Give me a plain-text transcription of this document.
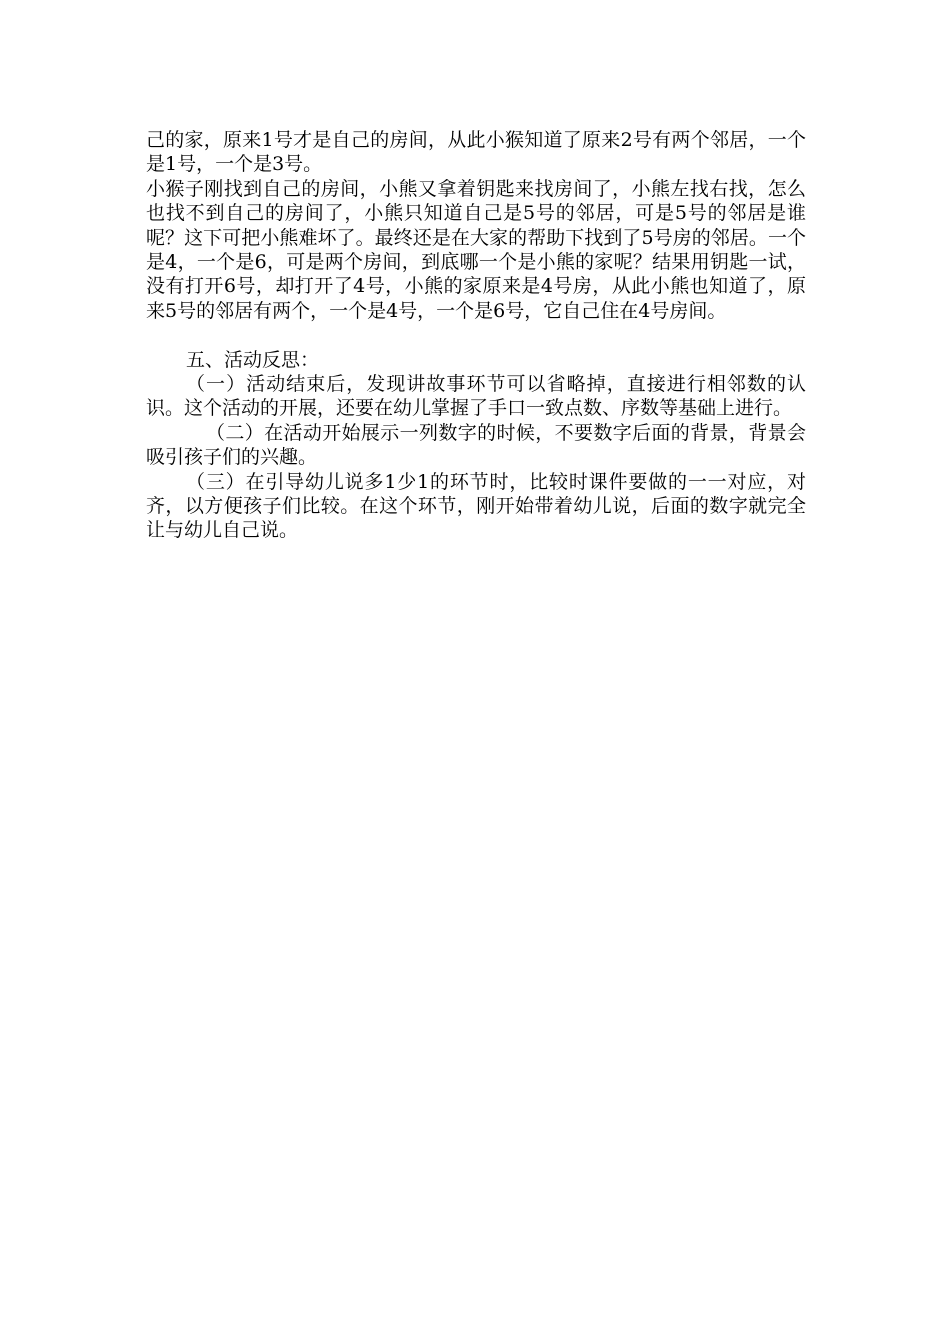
己的家，原来1号才是自己的房间，从此小猴知道了原来2号有两个邻居，一个是1号，一个是3号。

小猴子刚找到自己的房间，小熊又拿着钥匙来找房间了，小熊左找右找，怎么也找不到自己的房间了，小熊只知道自己是5号的邻居，可是5号的邻居是谁呢？这下可把小熊难坏了。最终还是在大家的帮助下找到了5号房的邻居。一个是4，一个是6，可是两个房间，到底哪一个是小熊的家呢？结果用钥匙一试，没有打开6号，却打开了4号，小熊的家原来是4号房，从此小熊也知道了，原来5号的邻居有两个，一个是4号，一个是6号，它自己住在4号房间。

五、活动反思：

（一）活动结束后，发现讲故事环节可以省略掉，直接进行相邻数的认识。这个活动的开展，还要在幼儿掌握了手口一致点数、序数等基础上进行。

（二）在活动开始展示一列数字的时候，不要数字后面的背景，背景会吸引孩子们的兴趣。

（三）在引导幼儿说多1少1的环节时，比较时课件要做的一一对应，对齐，以方便孩子们比较。在这个环节，刚开始带着幼儿说，后面的数字就完全让与幼儿自己说。
